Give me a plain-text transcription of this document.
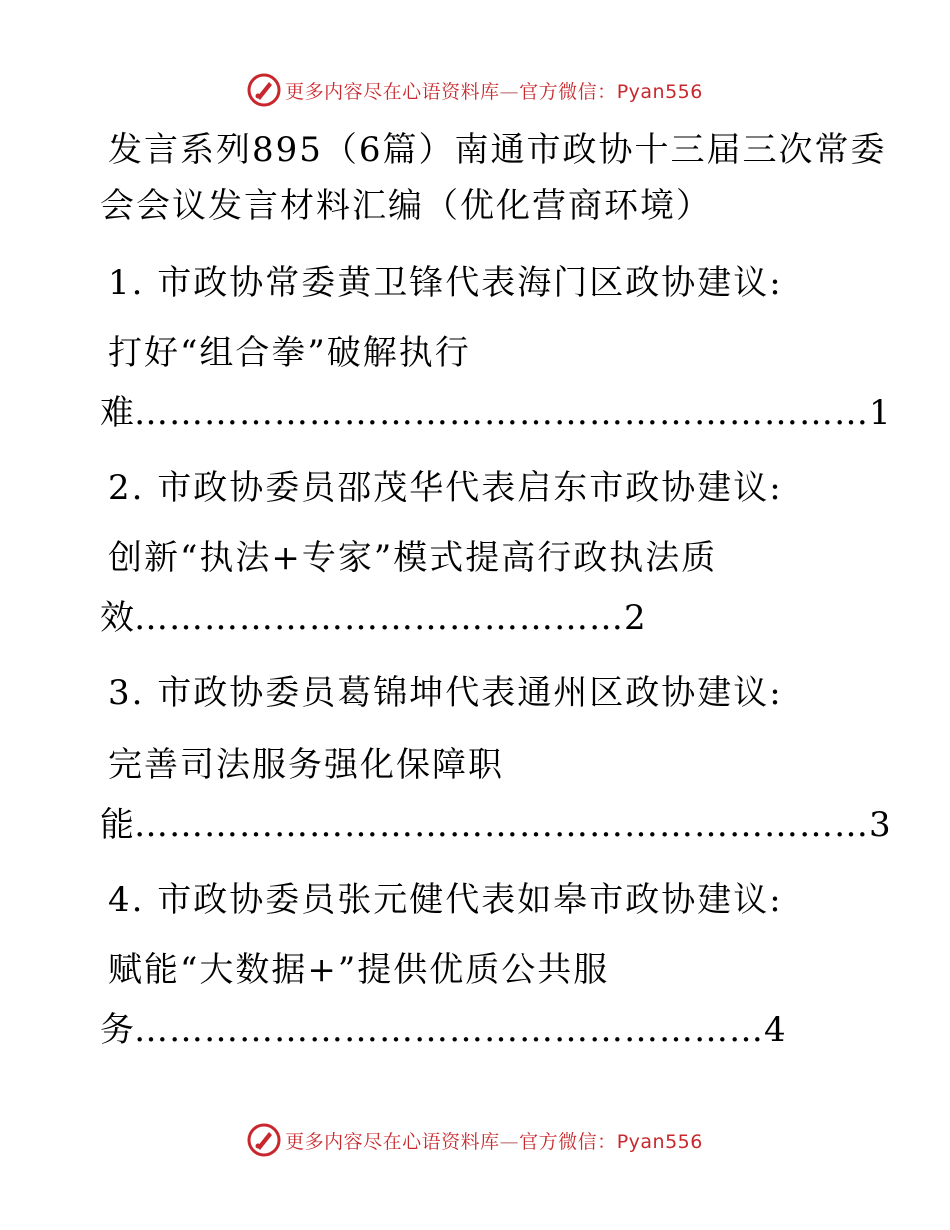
更多内容尽在心语资料库—官方微信：Pyan556
发言系列895（6篇）南通市政协十三届三次常委
会会议发言材料汇编（优化营商环境）
1. 市政协常委黄卫锋代表海门区政协建议:
打好“组合拳”破解执行
难………………………………………………………1
2. 市政协委员邵茂华代表启东市政协建议:
创新“执法+专家”模式提高行政执法质
效……………………………………2
3. 市政协委员葛锦坤代表通州区政协建议:
完善司法服务强化保障职
能………………………………………………………3
4. 市政协委员张元健代表如皋市政协建议:
赋能“大数据+”提供优质公共服
务………………………………………………4
更多内容尽在心语资料库—官方微信：Pyan556
